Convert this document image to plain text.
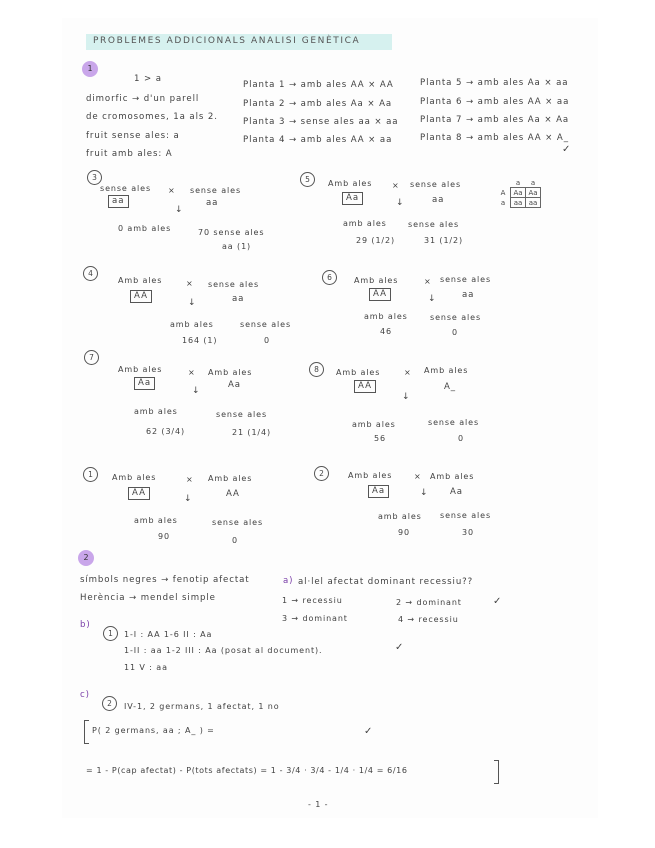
PROBLEMES ADDICIONALS ANALISI GENÈTICA
1
1 > a
dimorfic → d'un parell
de cromosomes, 1a als 2.
fruit sense ales: a
fruit amb ales: A
Planta 1 → amb ales AA × AA
Planta 2 → amb ales Aa × Aa
Planta 3 → sense ales aa × aa
Planta 4 → amb ales AA × aa
Planta 5 → amb ales Aa × aa
Planta 6 → amb ales AA × aa
Planta 7 → amb ales Aa × Aa
Planta 8 → amb ales AA × A_
✓
3
sense ales × sense ales
aa	aa
↓
0 amb ales	70 sense ales
aa (1)
5	Amb ales × sense ales
Aa	aa
↓
amb ales	sense ales
29 (1/2)	31 (1/2)
	a	a
A	Aa	Aa
a	aa	aa
4
Amb ales	× sense ales
AA	aa
↓
amb ales	sense ales
164 (1)	0
6	Amb ales	× sense ales
AA	aa
↓
amb ales	sense ales
46	0
7
Amb ales	× Amb ales
Aa	Aa
↓
amb ales	sense ales
62 (3/4)	21 (1/4)
8	Amb ales	× Amb ales
AA	A_
↓
amb ales	sense ales
56	0
1	Amb ales	× Amb ales
AA	AA
↓
amb ales	sense ales
90	0
2	Amb ales	× Amb ales
Aa	Aa
↓
amb ales sense ales
90	30
2
símbols negres → fenotip afectat
Herència → mendel simple
a) al·lel afectat dominant recessiu??
1 → recessiu	2 → dominant	✓
3 → dominant	4 → recessiu
b)
1	1-I : AA 1-6 II : Aa
1-II : aa 1-2 III : Aa (posat al document).	✓
11 V : aa
c)
2	IV-1, 2 germans, 1 afectat, 1 no
P( 2 germans, aa ; A_ ) =	✓
= 1 - P(cap afectat) - P(tots afectats) = 1 - 3/4 · 3/4 - 1/4 · 1/4 = 6/16
- 1 -
